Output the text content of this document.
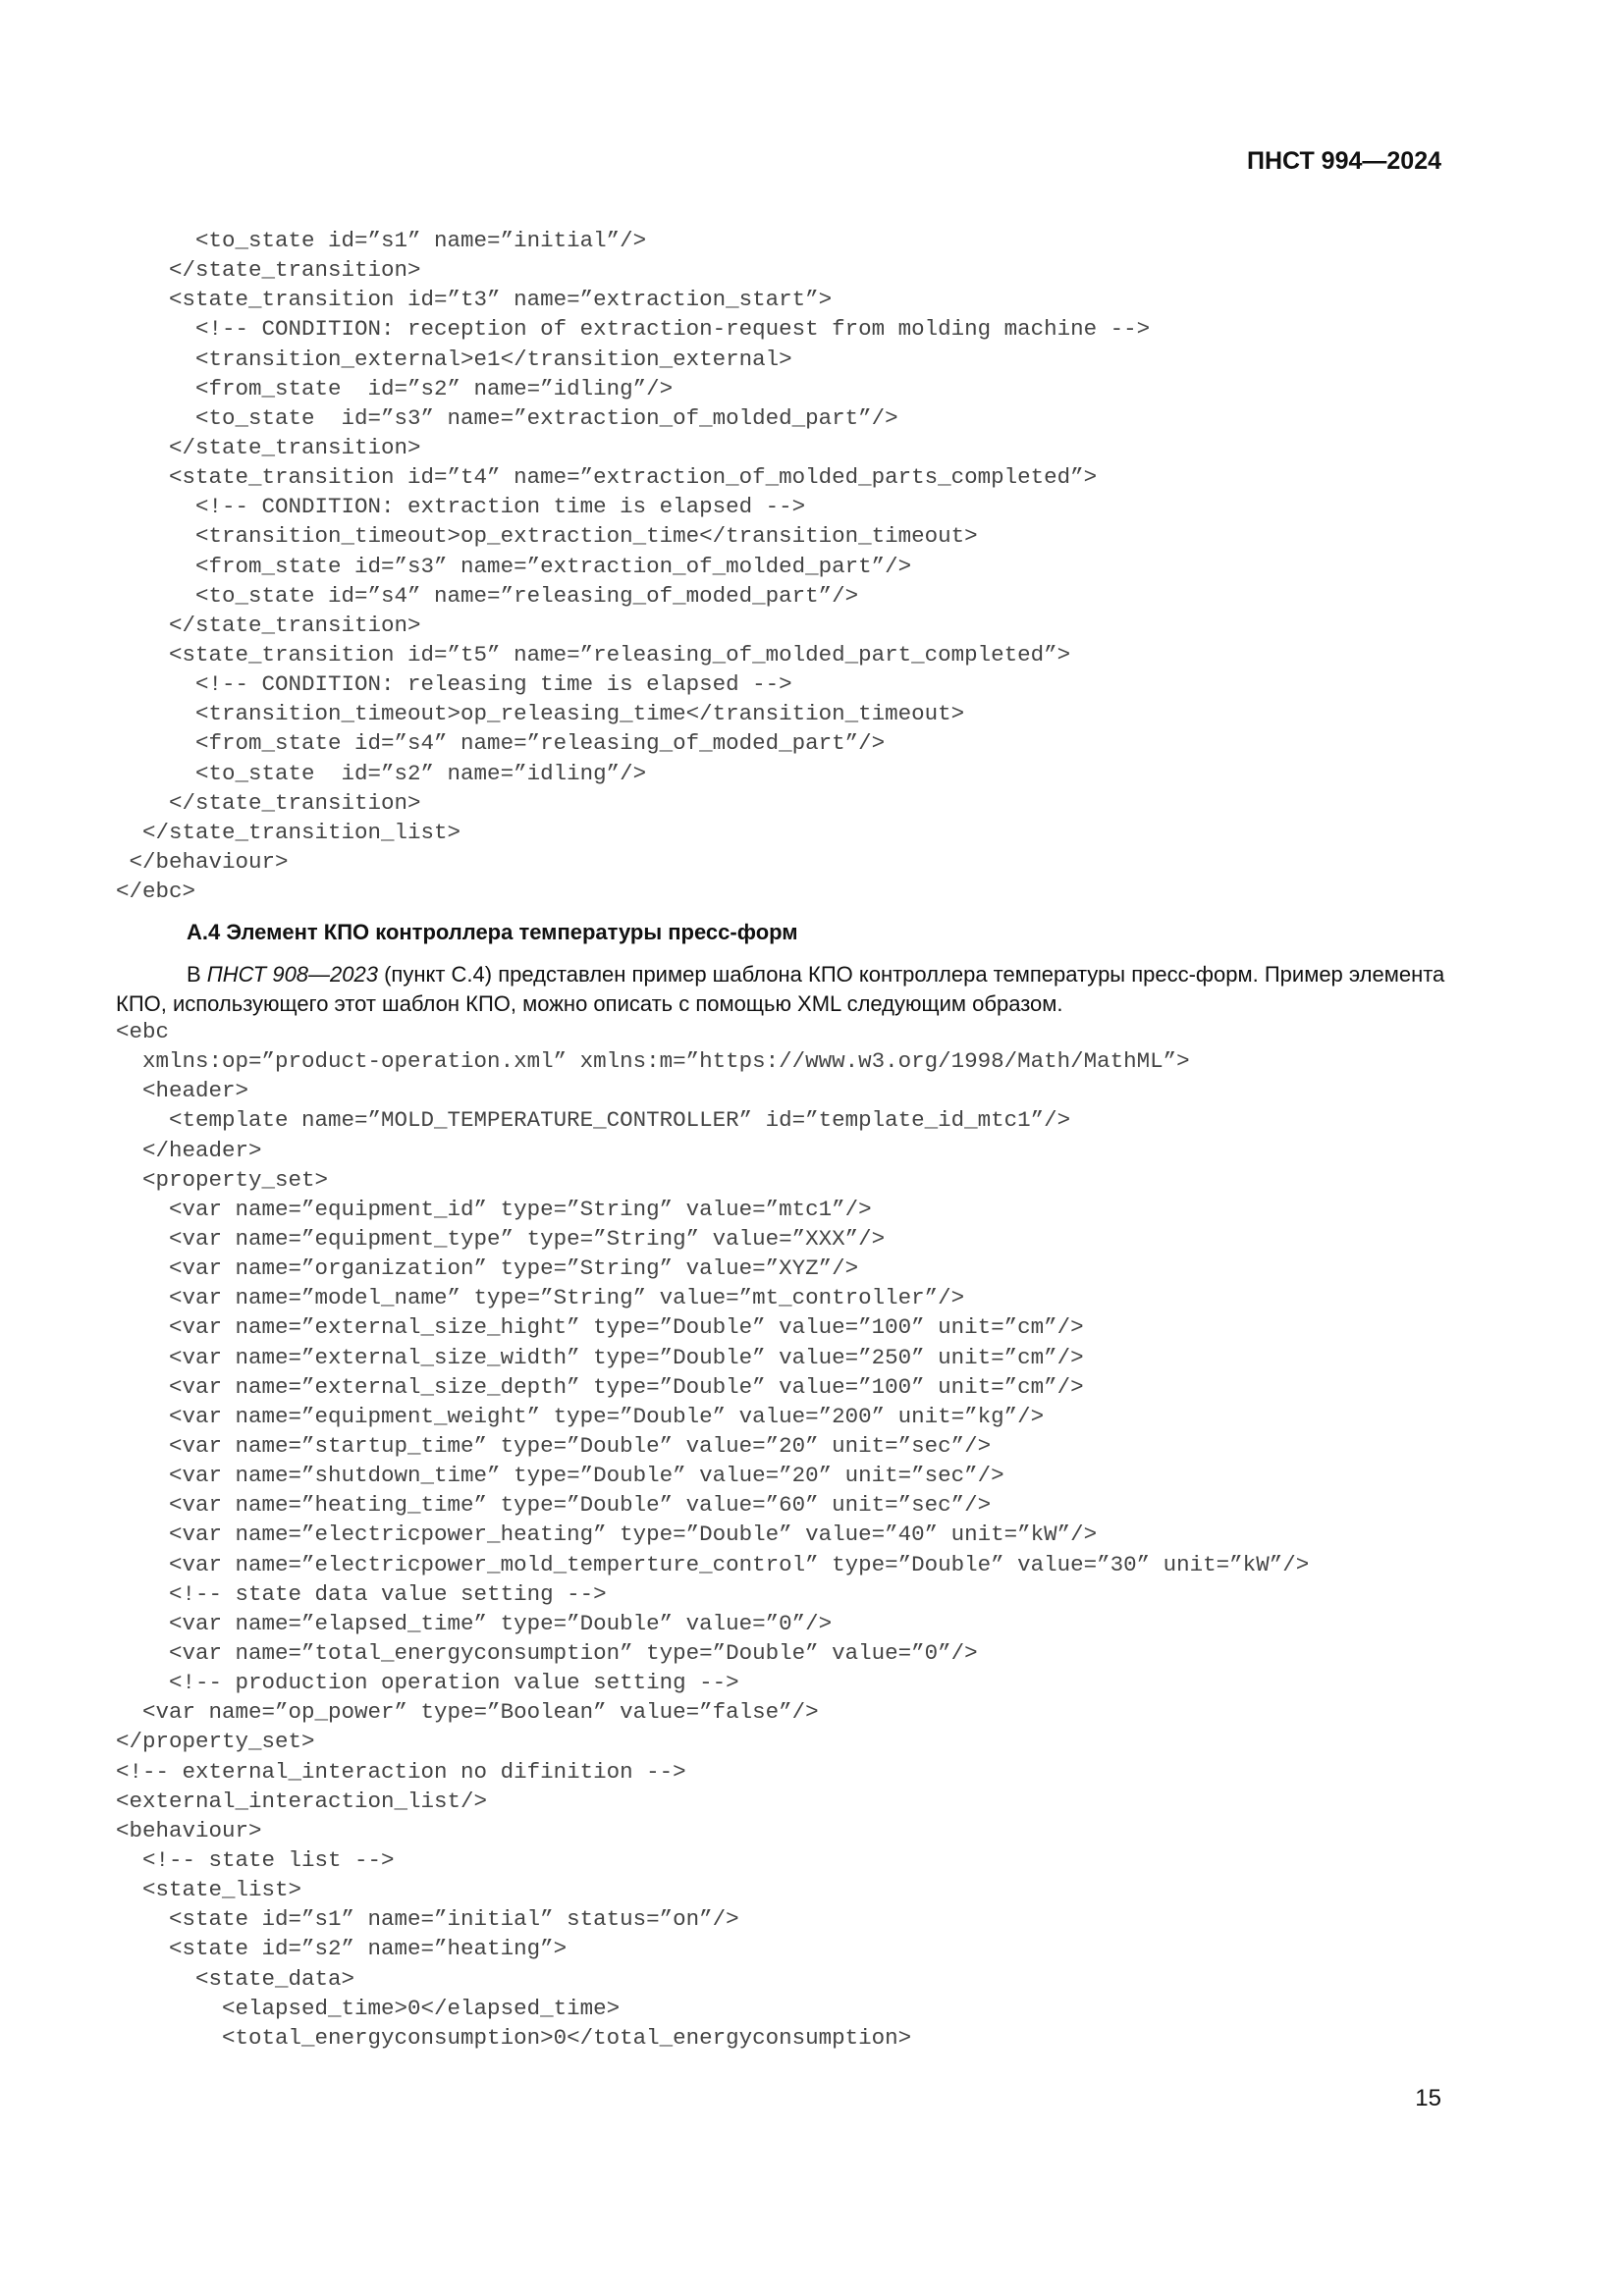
ПНСТ 994—2024
<to_state id=”s1” name=”initial”/>
</state_transition>
<state_transition id=”t3” name=”extraction_start”>
<!-- CONDITION: reception of extraction-request from molding machine -->
<transition_external>e1</transition_external>
<from_state  id=”s2” name=”idling”/>
<to_state  id=”s3” name=”extraction_of_molded_part”/>
</state_transition>
<state_transition id=”t4” name=”extraction_of_molded_parts_completed”>
<!-- CONDITION: extraction time is elapsed -->
<transition_timeout>op_extraction_time</transition_timeout>
<from_state id=”s3” name=”extraction_of_molded_part”/>
<to_state id=”s4” name=”releasing_of_moded_part”/>
</state_transition>
<state_transition id=”t5” name=”releasing_of_molded_part_completed”>
<!-- CONDITION: releasing time is elapsed -->
<transition_timeout>op_releasing_time</transition_timeout>
<from_state id=”s4” name=”releasing_of_moded_part”/>
<to_state  id=”s2” name=”idling”/>
</state_transition>
</state_transition_list>
</behaviour>
</ebc>
А.4 Элемент КПО контроллера температуры пресс-форм

В ПНСТ 908—2023 (пункт С.4) представлен пример шаблона КПО контроллера температуры пресс-форм. Пример элемента КПО, использующего этот шаблон КПО, можно описать с помощью XML следующим образом.

<ebc
xmlns:op=”product-operation.xml” xmlns:m=”https://www.w3.org/1998/Math/MathML”>
<header>
<template name=”MOLD_TEMPERATURE_CONTROLLER” id=”template_id_mtc1”/>
</header>
<property_set>
<var name=”equipment_id” type=”String” value=”mtc1”/>
<var name=”equipment_type” type=”String” value=”XXX”/>
<var name=”organization” type=”String” value=”XYZ”/>
<var name=”model_name” type=”String” value=”mt_controller”/>
<var name=”external_size_hight” type=”Double” value=”100” unit=”cm”/>
<var name=”external_size_width” type=”Double” value=”250” unit=”cm”/>
<var name=”external_size_depth” type=”Double” value=”100” unit=”cm”/>
<var name=”equipment_weight” type=”Double” value=”200” unit=”kg”/>
<var name=”startup_time” type=”Double” value=”20” unit=”sec”/>
<var name=”shutdown_time” type=”Double” value=”20” unit=”sec”/>
<var name=”heating_time” type=”Double” value=”60” unit=”sec”/>
<var name=”electricpower_heating” type=”Double” value=”40” unit=”kW”/>
<var name=”electricpower_mold_temperture_control” type=”Double” value=”30” unit=”kW”/>
<!-- state data value setting -->
<var name=”elapsed_time” type=”Double” value=”0”/>
<var name=”total_energyconsumption” type=”Double” value=”0”/>
<!-- production operation value setting -->
<var name=”op_power” type=”Boolean” value=”false”/>
</property_set>
<!-- external_interaction no difinition -->
<external_interaction_list/>
<behaviour>
<!-- state list -->
<state_list>
<state id=”s1” name=”initial” status=”on”/>
<state id=”s2” name=”heating”>
<state_data>
<elapsed_time>0</elapsed_time>
<total_energyconsumption>0</total_energyconsumption>
15
